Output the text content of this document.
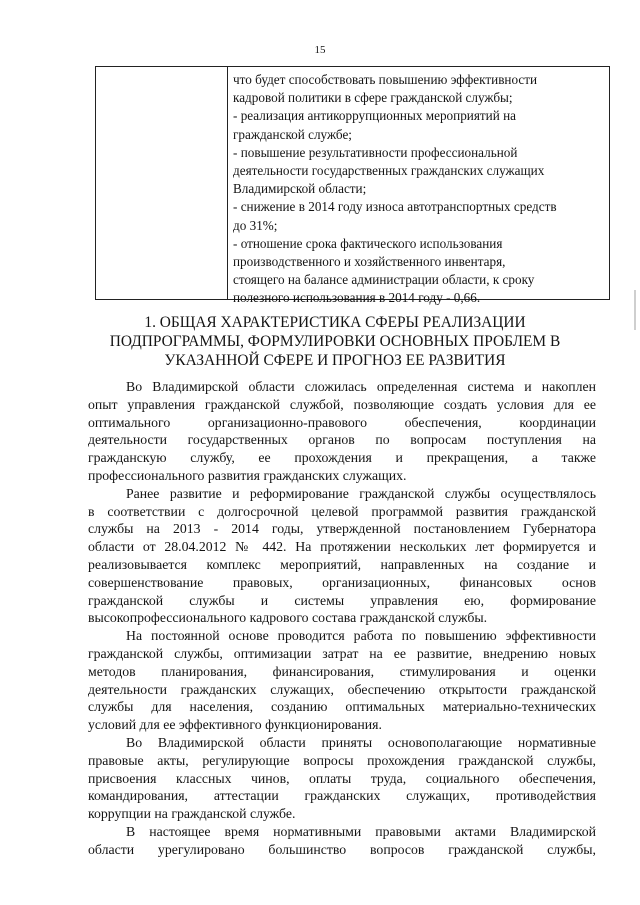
15
что будет способствовать повышению эффективности
кадровой политики в сфере гражданской службы;
- реализация антикоррупционных мероприятий на
гражданской службе;
- повышение результативности профессиональной
деятельности государственных гражданских служащих
Владимирской области;
- снижение в 2014 году износа автотранспортных средств
до 31%;
- отношение срока фактического использования
производственного и хозяйственного инвентаря,
стоящего на балансе администрации области, к сроку
полезного использования в 2014 году - 0,66.
1. ОБЩАЯ ХАРАКТЕРИСТИКА СФЕРЫ РЕАЛИЗАЦИИ
ПОДПРОГРАММЫ, ФОРМУЛИРОВКИ ОСНОВНЫХ ПРОБЛЕМ В
УКАЗАННОЙ СФЕРЕ И ПРОГНОЗ ЕЕ РАЗВИТИЯ
Во Владимирской области сложилась определенная система и накоплен
опыт управления гражданской службой, позволяющие создать условия для ее
оптимального организационно-правового обеспечения, координации
деятельности государственных органов по вопросам поступления на
гражданскую службу, ее прохождения и прекращения, а также
профессионального развития гражданских служащих.
Ранее развитие и реформирование гражданской службы осуществлялось
в соответствии с долгосрочной целевой программой развития гражданской
службы на 2013 - 2014 годы, утвержденной постановлением Губернатора
области от 28.04.2012 № 442. На протяжении нескольких лет формируется и
реализовывается комплекс мероприятий, направленных на создание и
совершенствование правовых, организационных, финансовых основ
гражданской службы и системы управления ею, формирование
высокопрофессионального кадрового состава гражданской службы.
На постоянной основе проводится работа по повышению эффективности
гражданской службы, оптимизации затрат на ее развитие, внедрению новых
методов планирования, финансирования, стимулирования и оценки
деятельности гражданских служащих, обеспечению открытости гражданской
службы для населения, созданию оптимальных материально-технических
условий для ее эффективного функционирования.
Во Владимирской области приняты основополагающие нормативные
правовые акты, регулирующие вопросы прохождения гражданской службы,
присвоения классных чинов, оплаты труда, социального обеспечения,
командирования, аттестации гражданских служащих, противодействия
коррупции на гражданской службе.
В настоящее время нормативными правовыми актами Владимирской
области урегулировано большинство вопросов гражданской службы,
